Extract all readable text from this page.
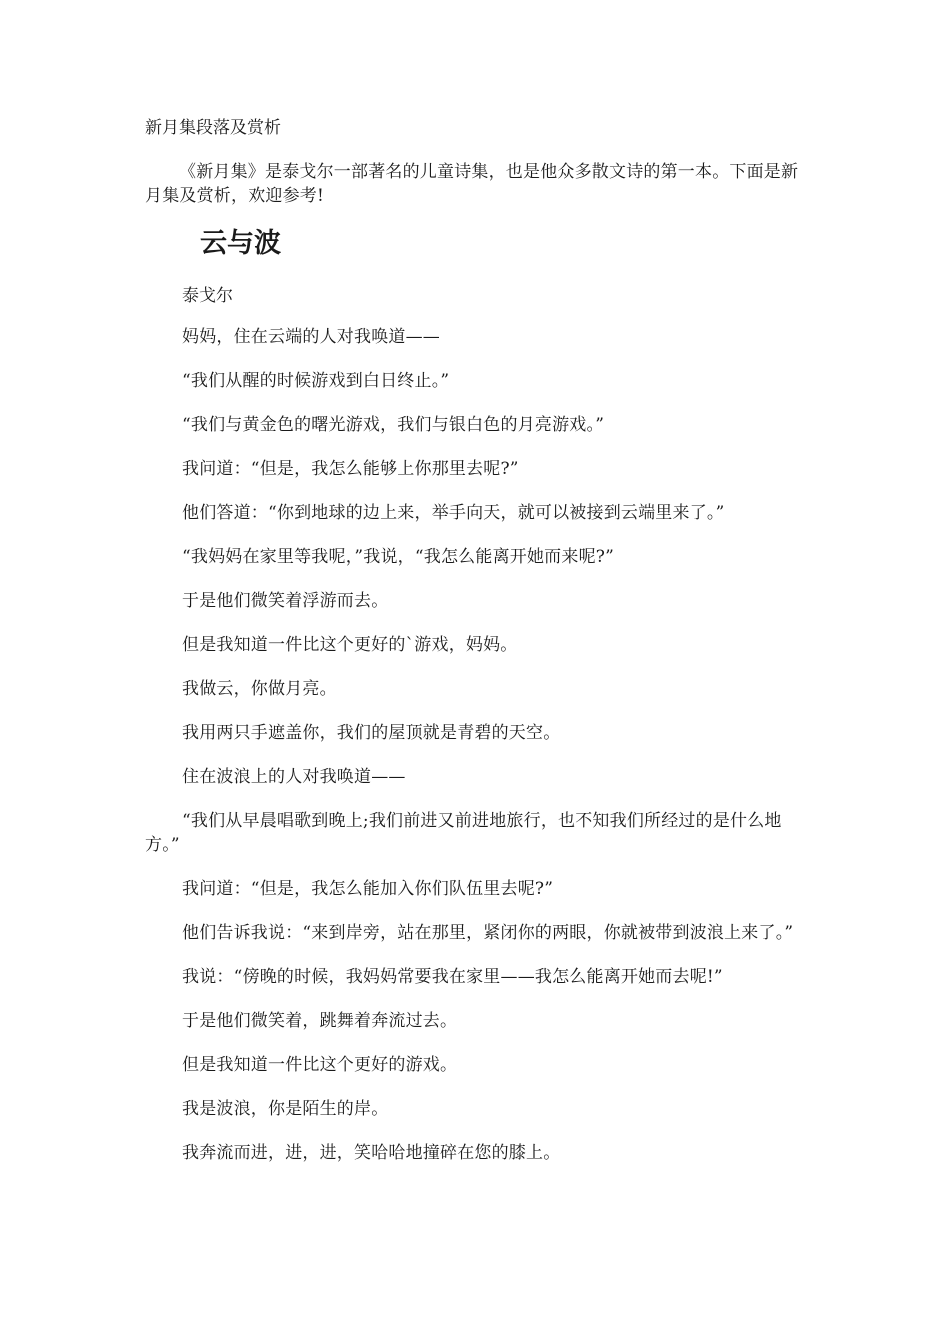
新月集段落及赏析

《新月集》是泰戈尔一部著名的儿童诗集，也是他众多散文诗的第一本。下面是新月集及赏析，欢迎参考!

云与波
泰戈尔

妈妈，住在云端的人对我唤道——

“我们从醒的时候游戏到白日终止。”

“我们与黄金色的曙光游戏，我们与银白色的月亮游戏。”

我问道：“但是，我怎么能够上你那里去呢?”

他们答道：“你到地球的边上来，举手向天，就可以被接到云端里来了。”

“我妈妈在家里等我呢，”我说，“我怎么能离开她而来呢?”

于是他们微笑着浮游而去。

但是我知道一件比这个更好的`游戏，妈妈。

我做云，你做月亮。

我用两只手遮盖你，我们的屋顶就是青碧的天空。

住在波浪上的人对我唤道——

“我们从早晨唱歌到晚上;我们前进又前进地旅行，也不知我们所经过的是什么地方。”

我问道：“但是，我怎么能加入你们队伍里去呢?”

他们告诉我说：“来到岸旁，站在那里，紧闭你的两眼，你就被带到波浪上来了。”

我说：“傍晚的时候，我妈妈常要我在家里——我怎么能离开她而去呢!”

于是他们微笑着，跳舞着奔流过去。

但是我知道一件比这个更好的游戏。

我是波浪，你是陌生的岸。

我奔流而进，进，进，笑哈哈地撞碎在您的膝上。
